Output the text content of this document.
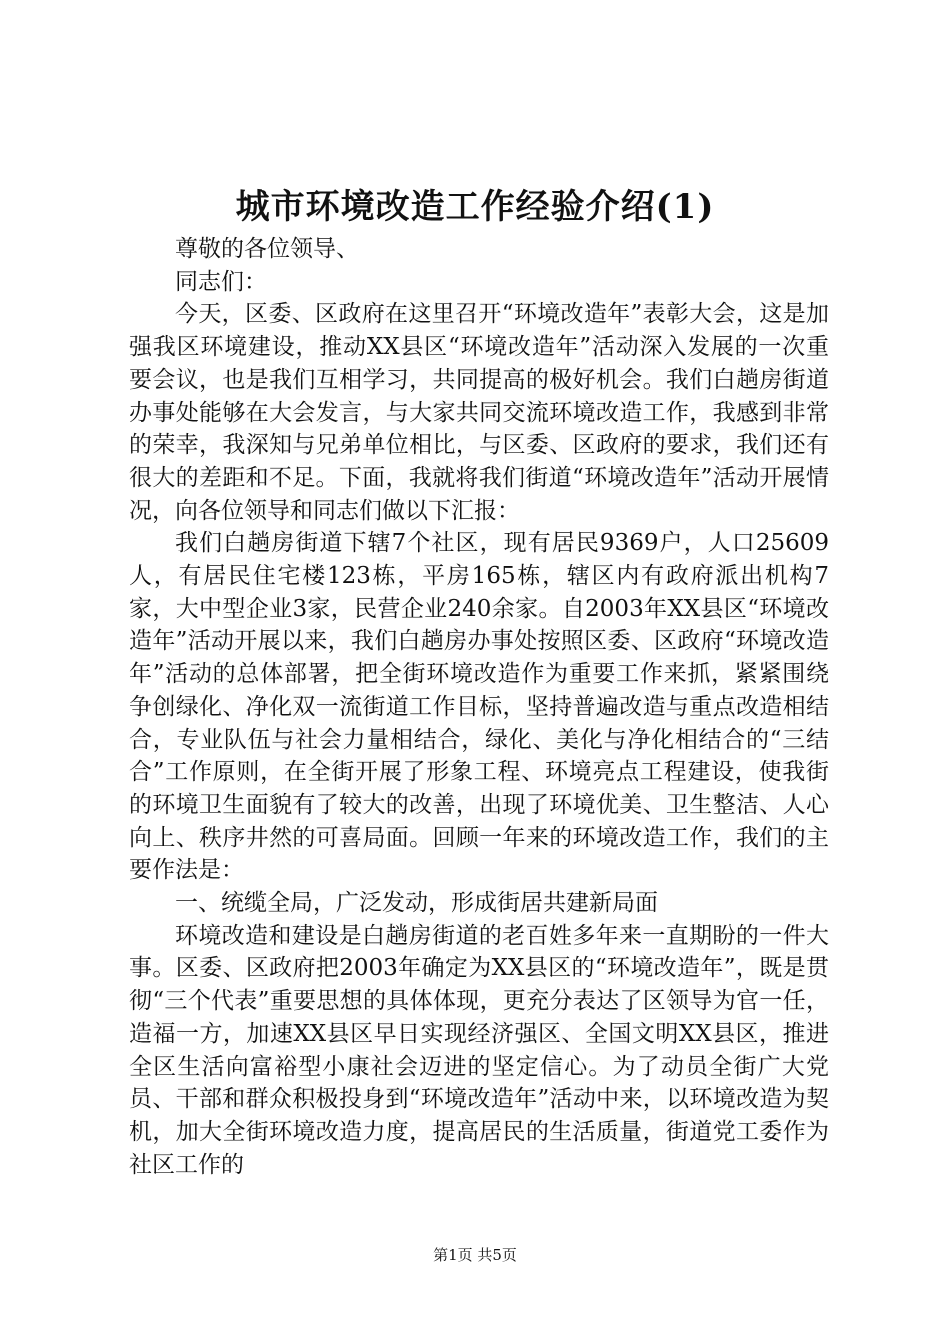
城市环境改造工作经验介绍(1)

尊敬的各位领导、

同志们：

今天，区委、区政府在这里召开“环境改造年”表彰大会，这是加强我区环境建设，推动XX县区“环境改造年”活动深入发展的一次重要会议，也是我们互相学习，共同提高的极好机会。我们白趟房街道办事处能够在大会发言，与大家共同交流环境改造工作，我感到非常的荣幸，我深知与兄弟单位相比，与区委、区政府的要求，我们还有很大的差距和不足。下面，我就将我们街道“环境改造年”活动开展情况，向各位领导和同志们做以下汇报：

我们白趟房街道下辖7个社区，现有居民9369户，人口25609人，有居民住宅楼123栋，平房165栋，辖区内有政府派出机构7家，大中型企业3家，民营企业240余家。自2003年XX县区“环境改造年”活动开展以来，我们白趟房办事处按照区委、区政府“环境改造年”活动的总体部署，把全街环境改造作为重要工作来抓，紧紧围绕争创绿化、净化双一流街道工作目标，坚持普遍改造与重点改造相结合，专业队伍与社会力量相结合，绿化、美化与净化相结合的“三结合”工作原则，在全街开展了形象工程、环境亮点工程建设，使我街的环境卫生面貌有了较大的改善，出现了环境优美、卫生整洁、人心向上、秩序井然的可喜局面。回顾一年来的环境改造工作，我们的主要作法是：

一、统缆全局，广泛发动，形成街居共建新局面

环境改造和建设是白趟房街道的老百姓多年来一直期盼的一件大事。区委、区政府把2003年确定为XX县区的“环境改造年”，既是贯彻“三个代表”重要思想的具体体现，更充分表达了区领导为官一任，造福一方，加速XX县区早日实现经济强区、全国文明XX县区，推进全区生活向富裕型小康社会迈进的坚定信心。为了动员全街广大党员、干部和群众积极投身到“环境改造年”活动中来，以环境改造为契机，加大全街环境改造力度，提高居民的生活质量，街道党工委作为社区工作的

第1页 共5页
